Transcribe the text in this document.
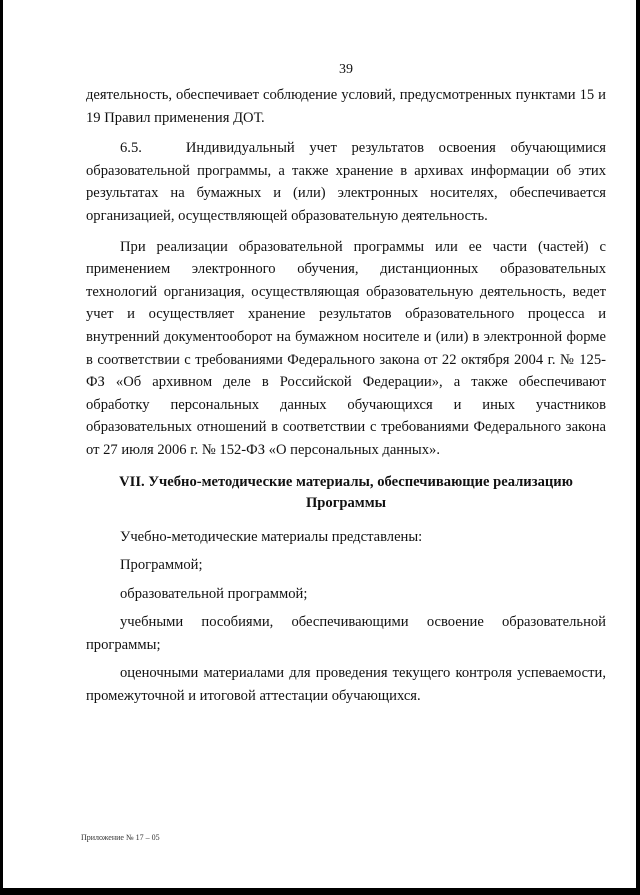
39

деятельность, обеспечивает соблюдение условий, предусмотренных пунктами 15 и 19 Правил применения ДОТ.

6.5.   Индивидуальный учет результатов освоения обучающимися образовательной программы, а также хранение в архивах информации об этих результатах на бумажных и (или) электронных носителях, обеспечивается организацией, осуществляющей образовательную деятельность.

При реализации образовательной программы или ее части (частей) с применением электронного обучения, дистанционных образовательных технологий организация, осуществляющая образовательную деятельность, ведет учет и осуществляет хранение результатов образовательного процесса и внутренний документооборот на бумажном носителе и (или) в электронной форме в соответствии с требованиями Федерального закона от 22 октября 2004 г. № 125-ФЗ «Об архивном деле в Российской Федерации», а также обеспечивают обработку персональных данных обучающихся и иных участников образовательных отношений в соответствии с требованиями Федерального закона от 27 июля 2006 г. № 152-ФЗ «О персональных данных».

VII. Учебно-методические материалы, обеспечивающие реализацию
Программы

Учебно-методические материалы представлены:

Программой;

образовательной программой;

учебными пособиями, обеспечивающими освоение образовательной программы;

оценочными материалами для проведения текущего контроля успеваемости, промежуточной и итоговой аттестации обучающихся.

Приложение № 17 – 05
